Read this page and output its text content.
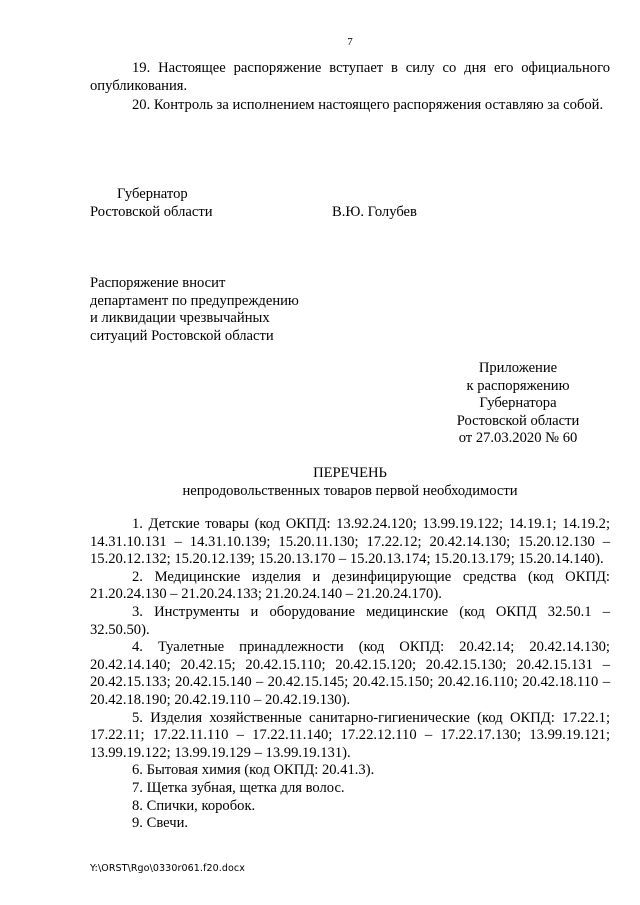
7

19. Настоящее распоряжение вступает в силу со дня его официального опубликования.

20. Контроль за исполнением настоящего распоряжения оставляю за собой.

Губернатор
Ростовской области	В.Ю. Голубев
Распоряжение вносит
департамент по предупреждению
и ликвидации чрезвычайных
ситуаций Ростовской области
Приложение
к распоряжению
Губернатора
Ростовской области
от 27.03.2020 № 60
ПЕРЕЧЕНЬ
непродовольственных товаров первой необходимости

1. Детские товары (код ОКПД: 13.92.24.120; 13.99.19.122; 14.19.1; 14.19.2; 14.31.10.131 – 14.31.10.139; 15.20.11.130; 17.22.12; 20.42.14.130; 15.20.12.130 – 15.20.12.132; 15.20.12.139; 15.20.13.170 – 15.20.13.174; 15.20.13.179; 15.20.14.140).

2. Медицинские изделия и дезинфицирующие средства (код ОКПД: 21.20.24.130 – 21.20.24.133; 21.20.24.140 – 21.20.24.170).

3. Инструменты и оборудование медицинские (код ОКПД 32.50.1 – 32.50.50).

4. Туалетные принадлежности (код ОКПД: 20.42.14; 20.42.14.130; 20.42.14.140; 20.42.15; 20.42.15.110; 20.42.15.120; 20.42.15.130; 20.42.15.131 – 20.42.15.133; 20.42.15.140 – 20.42.15.145; 20.42.15.150; 20.42.16.110; 20.42.18.110 – 20.42.18.190; 20.42.19.110 – 20.42.19.130).

5. Изделия хозяйственные санитарно-гигиенические (код ОКПД: 17.22.1; 17.22.11; 17.22.11.110 – 17.22.11.140; 17.22.12.110 – 17.22.17.130; 13.99.19.121; 13.99.19.122; 13.99.19.129 – 13.99.19.131).

6. Бытовая химия (код ОКПД: 20.41.3).

7. Щетка зубная, щетка для волос.

8. Спички, коробок.

9. Свечи.

Y:\ORST\Rgo\0330r061.f20.docx
